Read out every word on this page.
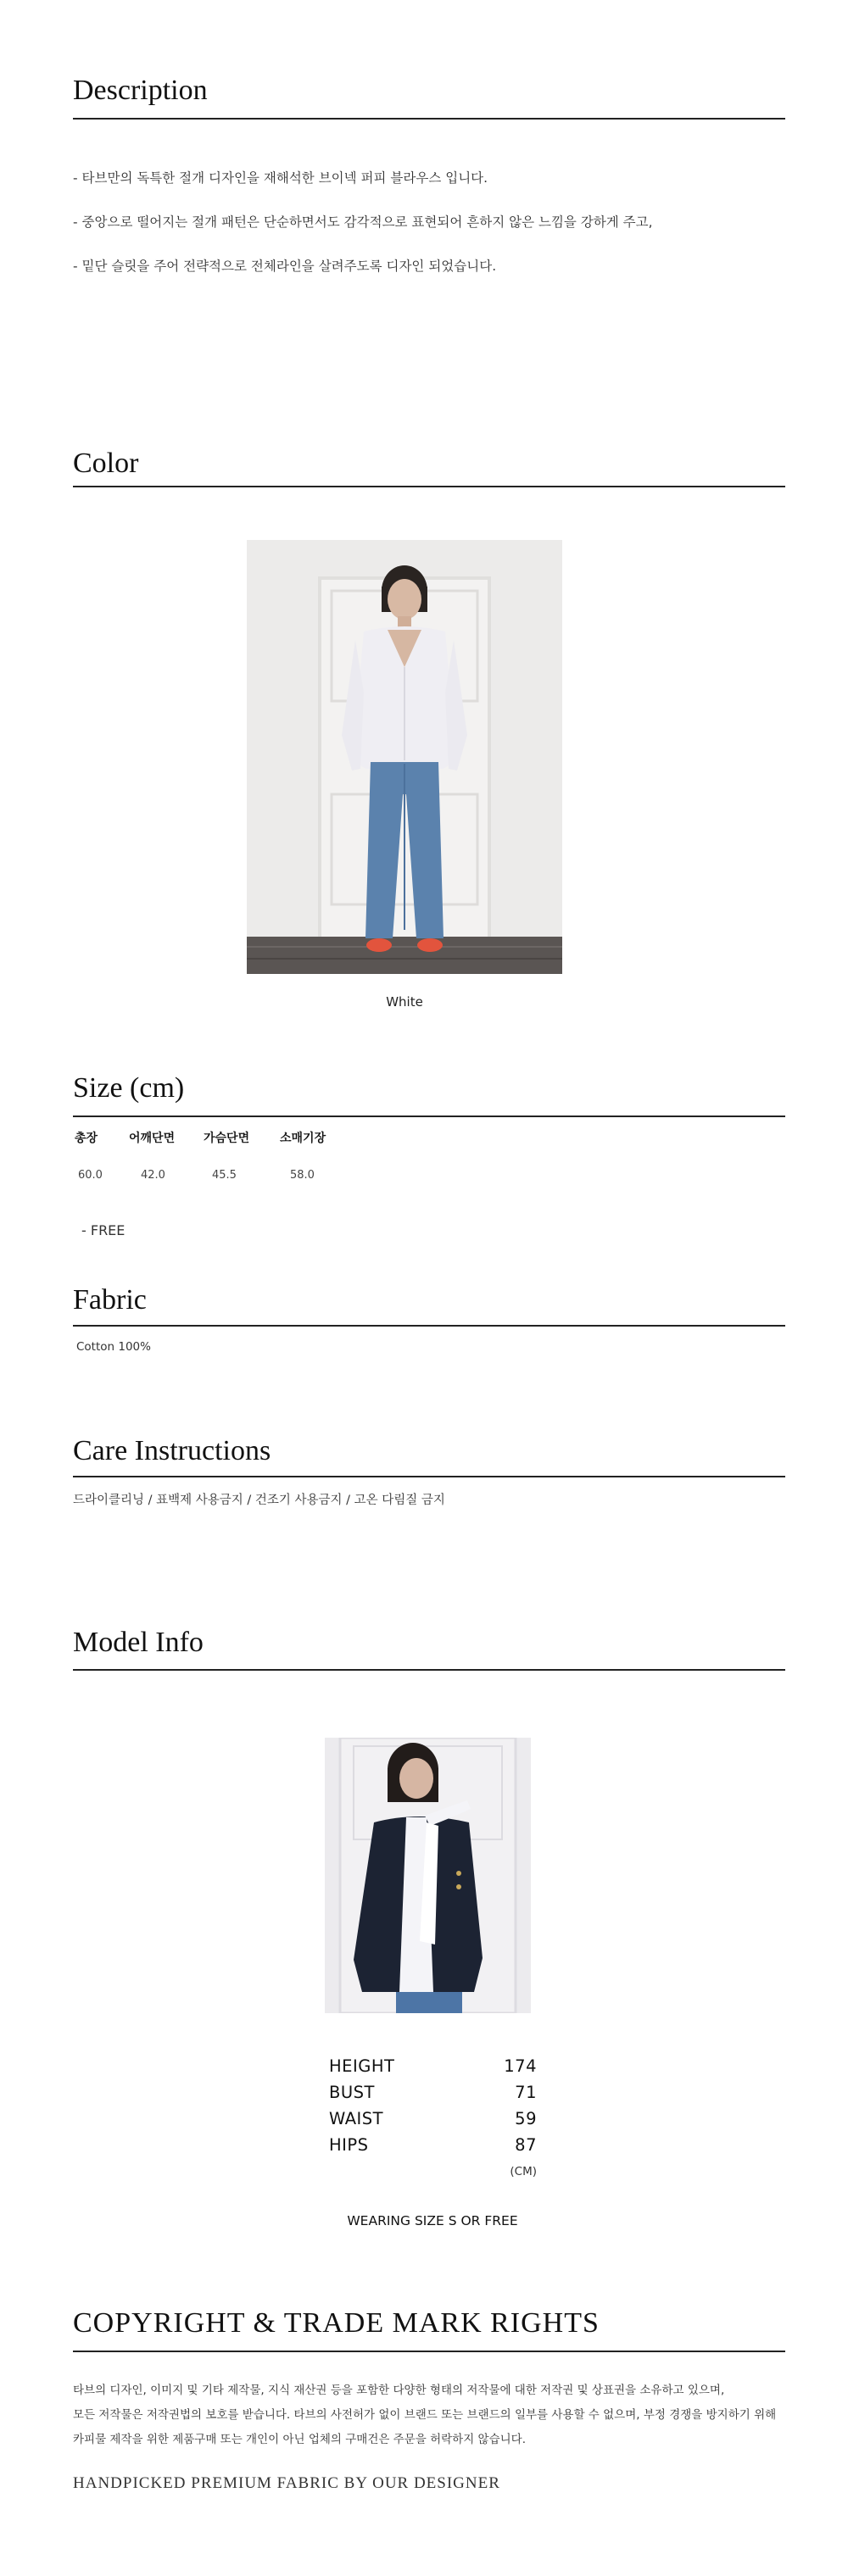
Description
- 타브만의 독특한 절개 디자인을 재해석한 브이넥 퍼피 블라우스 입니다.
- 중앙으로 떨어지는 절개 패턴은 단순하면서도 감각적으로 표현되어 흔하지 않은 느낌을 강하게 주고,
- 밑단 슬릿을 주어 전략적으로 전체라인을 살려주도록 디자인 되었습니다.
Color
White
Size (cm)
총장	어깨단면	가슴단면	소매기장

60.0	42.0	45.5	58.0
- FREE
Fabric
Cotton 100%
Care Instructions
드라이클리닝 / 표백제 사용금지 / 건조기 사용금지 / 고온 다림질 금지
Model Info
HEIGHT	174
BUST	71
WAIST	59
HIPS	87
(CM)
WEARING SIZE S OR FREE
COPYRIGHT & TRADE MARK RIGHTS
타브의 디자인, 이미지 및 기타 제작물, 지식 재산권 등을 포함한 다양한 형태의 저작물에 대한 저작권 및 상표권을 소유하고 있으며,
모든 저작물은 저작권법의 보호를 받습니다. 타브의 사전허가 없이 브랜드 또는 브랜드의 일부를 사용할 수 없으며, 부정 경쟁을 방지하기 위해
카피물 제작을 위한 제품구매 또는 개인이 아닌 업체의 구매건은 주문을 허락하지 않습니다.
HANDPICKED PREMIUM FABRIC BY OUR DESIGNER
